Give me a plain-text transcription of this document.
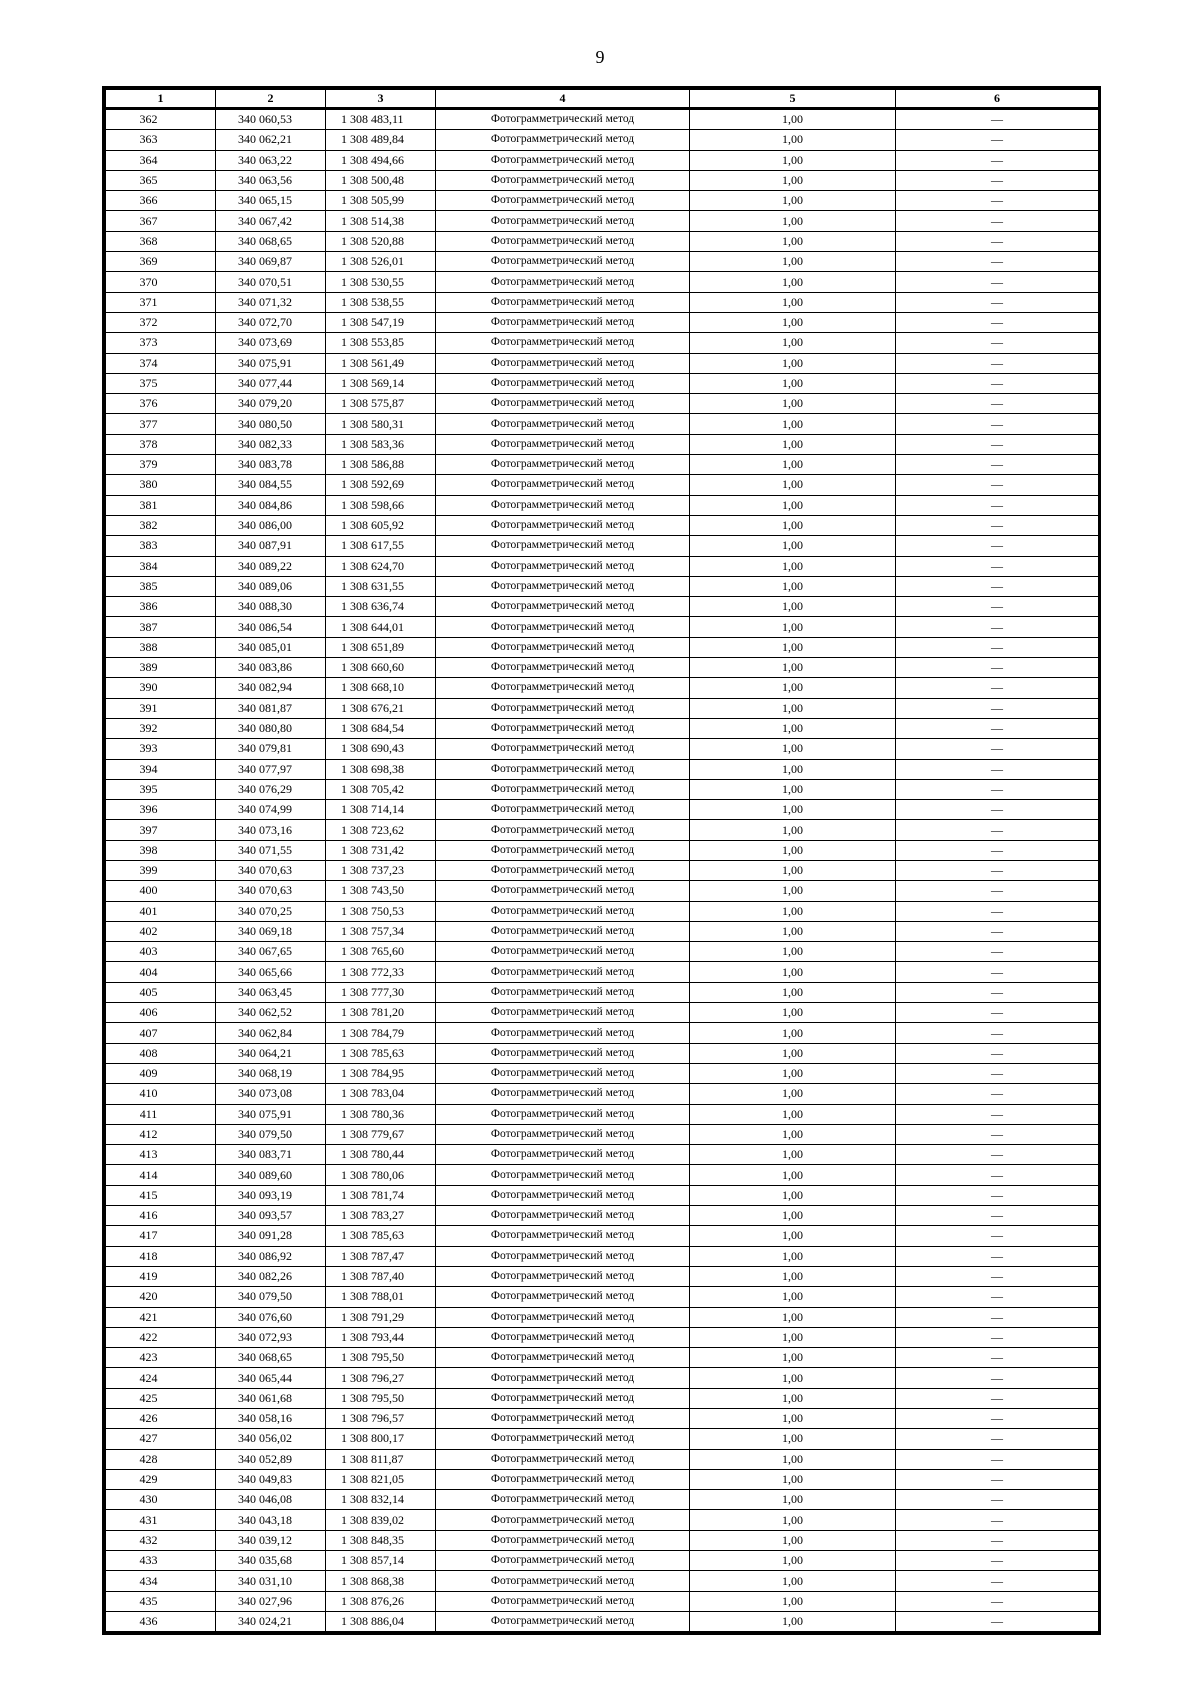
9
1	2	3	4	5	6
362	340 060,53	1 308 483,11	Фотограмметрический метод	1,00	—
363	340 062,21	1 308 489,84	Фотограмметрический метод	1,00	—
364	340 063,22	1 308 494,66	Фотограмметрический метод	1,00	—
365	340 063,56	1 308 500,48	Фотограмметрический метод	1,00	—
366	340 065,15	1 308 505,99	Фотограмметрический метод	1,00	—
367	340 067,42	1 308 514,38	Фотограмметрический метод	1,00	—
368	340 068,65	1 308 520,88	Фотограмметрический метод	1,00	—
369	340 069,87	1 308 526,01	Фотограмметрический метод	1,00	—
370	340 070,51	1 308 530,55	Фотограмметрический метод	1,00	—
371	340 071,32	1 308 538,55	Фотограмметрический метод	1,00	—
372	340 072,70	1 308 547,19	Фотограмметрический метод	1,00	—
373	340 073,69	1 308 553,85	Фотограмметрический метод	1,00	—
374	340 075,91	1 308 561,49	Фотограмметрический метод	1,00	—
375	340 077,44	1 308 569,14	Фотограмметрический метод	1,00	—
376	340 079,20	1 308 575,87	Фотограмметрический метод	1,00	—
377	340 080,50	1 308 580,31	Фотограмметрический метод	1,00	—
378	340 082,33	1 308 583,36	Фотограмметрический метод	1,00	—
379	340 083,78	1 308 586,88	Фотограмметрический метод	1,00	—
380	340 084,55	1 308 592,69	Фотограмметрический метод	1,00	—
381	340 084,86	1 308 598,66	Фотограмметрический метод	1,00	—
382	340 086,00	1 308 605,92	Фотограмметрический метод	1,00	—
383	340 087,91	1 308 617,55	Фотограмметрический метод	1,00	—
384	340 089,22	1 308 624,70	Фотограмметрический метод	1,00	—
385	340 089,06	1 308 631,55	Фотограмметрический метод	1,00	—
386	340 088,30	1 308 636,74	Фотограмметрический метод	1,00	—
387	340 086,54	1 308 644,01	Фотограмметрический метод	1,00	—
388	340 085,01	1 308 651,89	Фотограмметрический метод	1,00	—
389	340 083,86	1 308 660,60	Фотограмметрический метод	1,00	—
390	340 082,94	1 308 668,10	Фотограмметрический метод	1,00	—
391	340 081,87	1 308 676,21	Фотограмметрический метод	1,00	—
392	340 080,80	1 308 684,54	Фотограмметрический метод	1,00	—
393	340 079,81	1 308 690,43	Фотограмметрический метод	1,00	—
394	340 077,97	1 308 698,38	Фотограмметрический метод	1,00	—
395	340 076,29	1 308 705,42	Фотограмметрический метод	1,00	—
396	340 074,99	1 308 714,14	Фотограмметрический метод	1,00	—
397	340 073,16	1 308 723,62	Фотограмметрический метод	1,00	—
398	340 071,55	1 308 731,42	Фотограмметрический метод	1,00	—
399	340 070,63	1 308 737,23	Фотограмметрический метод	1,00	—
400	340 070,63	1 308 743,50	Фотограмметрический метод	1,00	—
401	340 070,25	1 308 750,53	Фотограмметрический метод	1,00	—
402	340 069,18	1 308 757,34	Фотограмметрический метод	1,00	—
403	340 067,65	1 308 765,60	Фотограмметрический метод	1,00	—
404	340 065,66	1 308 772,33	Фотограмметрический метод	1,00	—
405	340 063,45	1 308 777,30	Фотограмметрический метод	1,00	—
406	340 062,52	1 308 781,20	Фотограмметрический метод	1,00	—
407	340 062,84	1 308 784,79	Фотограмметрический метод	1,00	—
408	340 064,21	1 308 785,63	Фотограмметрический метод	1,00	—
409	340 068,19	1 308 784,95	Фотограмметрический метод	1,00	—
410	340 073,08	1 308 783,04	Фотограмметрический метод	1,00	—
411	340 075,91	1 308 780,36	Фотограмметрический метод	1,00	—
412	340 079,50	1 308 779,67	Фотограмметрический метод	1,00	—
413	340 083,71	1 308 780,44	Фотограмметрический метод	1,00	—
414	340 089,60	1 308 780,06	Фотограмметрический метод	1,00	—
415	340 093,19	1 308 781,74	Фотограмметрический метод	1,00	—
416	340 093,57	1 308 783,27	Фотограмметрический метод	1,00	—
417	340 091,28	1 308 785,63	Фотограмметрический метод	1,00	—
418	340 086,92	1 308 787,47	Фотограмметрический метод	1,00	—
419	340 082,26	1 308 787,40	Фотограмметрический метод	1,00	—
420	340 079,50	1 308 788,01	Фотограмметрический метод	1,00	—
421	340 076,60	1 308 791,29	Фотограмметрический метод	1,00	—
422	340 072,93	1 308 793,44	Фотограмметрический метод	1,00	—
423	340 068,65	1 308 795,50	Фотограмметрический метод	1,00	—
424	340 065,44	1 308 796,27	Фотограмметрический метод	1,00	—
425	340 061,68	1 308 795,50	Фотограмметрический метод	1,00	—
426	340 058,16	1 308 796,57	Фотограмметрический метод	1,00	—
427	340 056,02	1 308 800,17	Фотограмметрический метод	1,00	—
428	340 052,89	1 308 811,87	Фотограмметрический метод	1,00	—
429	340 049,83	1 308 821,05	Фотограмметрический метод	1,00	—
430	340 046,08	1 308 832,14	Фотограмметрический метод	1,00	—
431	340 043,18	1 308 839,02	Фотограмметрический метод	1,00	—
432	340 039,12	1 308 848,35	Фотограмметрический метод	1,00	—
433	340 035,68	1 308 857,14	Фотограмметрический метод	1,00	—
434	340 031,10	1 308 868,38	Фотограмметрический метод	1,00	—
435	340 027,96	1 308 876,26	Фотограмметрический метод	1,00	—
436	340 024,21	1 308 886,04	Фотограмметрический метод	1,00	—
